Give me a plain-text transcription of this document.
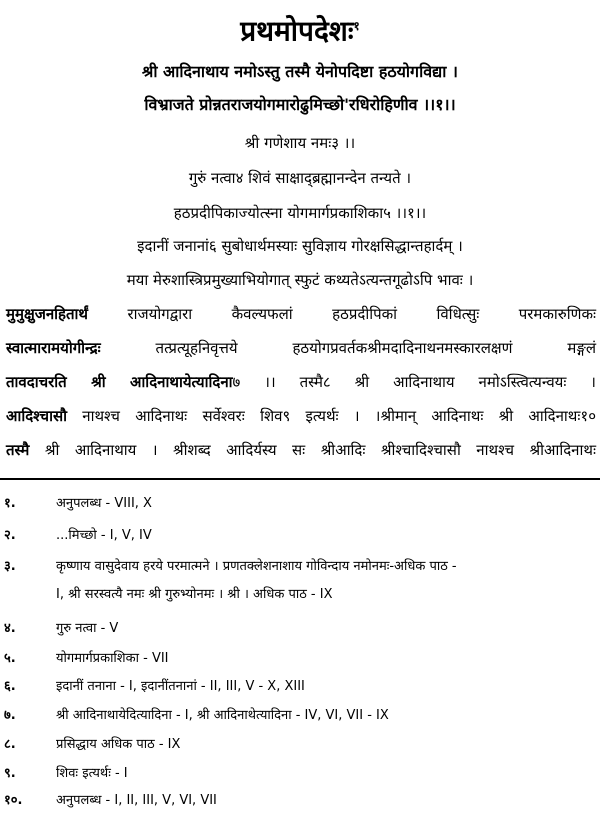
प्रथमोपदेशः$^१$
श्री आदिनाथाय नमोऽस्तु तस्मै येनोपदिष्टा हठयोगविद्या ।
विभ्राजते प्रोन्नतराजयोगमारोढुमिच्छो'रधिरोहिणीव ।।१।।
श्री गणेशाय नमः३ ।।
गुरुं नत्वा४ शिवं साक्षाद्ब्रह्मानन्देन तन्यते ।
हठप्रदीपिकाज्योत्स्ना योगमार्गप्रकाशिका५ ।।१।।
इदानीं जनानां६ सुबोधार्थमस्याः सुविज्ञाय गोरक्षसिद्धान्तहार्दम् ।
मया मेरुशास्त्रिप्रमुख्याभियोगात् स्फुटं कथ्यतेऽत्यन्तगूढोऽपि भावः ।
मुमुक्षुजनहितार्थं राजयोगद्वारा कैवल्यफलां हठप्रदीपिकां विधित्सुः परमकारुणिकः
स्वात्मारामयोगीन्द्रः तत्प्रत्यूहनिवृत्तये हठयोगप्रवर्तकश्रीमदादिनाथनमस्कारलक्षणं मङ्गलं
तावदाचरति श्री आदिनाथायेत्यादिना७ ।। तस्मै८ श्री आदिनाथाय नमोऽस्त्वित्यन्वयः ।
आदिश्चासौ नाथश्च आदिनाथः सर्वेश्वरः शिव९ इत्यर्थः । ।श्रीमान् आदिनाथः श्री आदिनाथः१०
तस्मै श्री आदिनाथाय । श्रीशब्द आदिर्यस्य सः श्रीआदिः श्रीश्चादिश्चासौ नाथश्च श्रीआदिनाथः
१.	अनुपलब्ध - VIII, X
२.	...मिच्छो - I, V, IV
३.	कृष्णाय वासुदेवाय हरये परमात्मने । प्रणतक्लेशनाशाय गोविन्दाय नमोनमः-अधिक पाठ -
I, श्री सरस्वत्यै नमः श्री गुरुभ्योनमः । श्री । अधिक पाठ - IX
४.	गुरु नत्वा - V
५.	योगमार्गप्रकाशिका - VII
६.	इदानीं तनाना - I, इदानींतनानां - II, III, V - X, XIII
७.	श्री आदिनाथायेदित्यादिना - I, श्री आदिनाथेत्यादिना - IV, VI, VII - IX
८.	प्रसिद्धाय अधिक पाठ - IX
९.	शिवः इत्यर्थः - I
१०.	अनुपलब्ध - I, II, III, V, VI, VII
